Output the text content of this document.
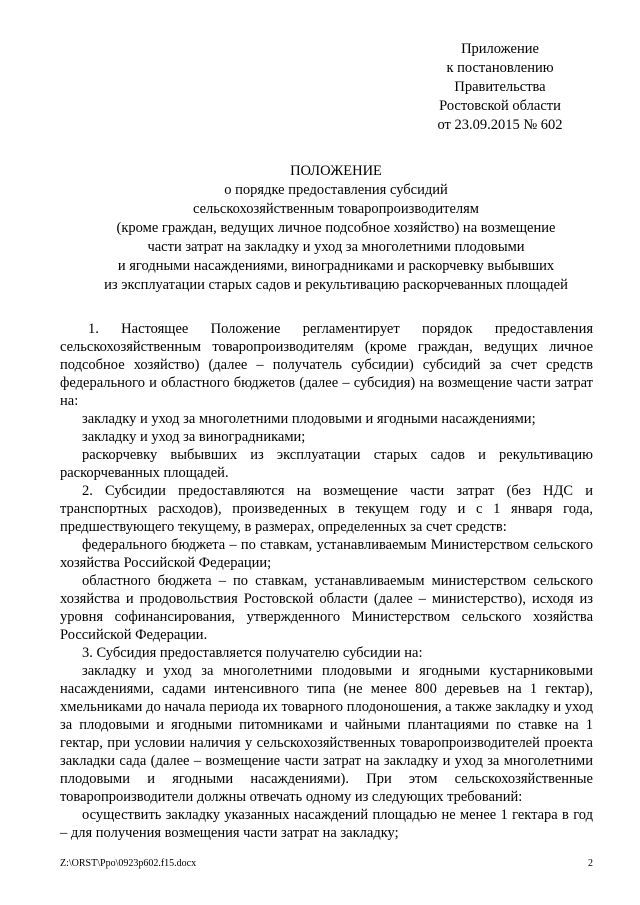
Приложение
к постановлению
Правительства
Ростовской области
от 23.09.2015 № 602
ПОЛОЖЕНИЕ
о порядке предоставления субсидий
сельскохозяйственным товаропроизводителям
(кроме граждан, ведущих личное подсобное хозяйство) на возмещение
части затрат на закладку и уход за многолетними плодовыми
и ягодными насаждениями, виноградниками и раскорчевку выбывших
из эксплуатации старых садов и рекультивацию раскорчеванных площадей

1. Настоящее Положение регламентирует порядок предоставления сельскохозяйственным товаропроизводителям (кроме граждан, ведущих личное подсобное хозяйство) (далее – получатель субсидии) субсидий за счет средств федерального и областного бюджетов (далее – субсидия) на возмещение части затрат на:

закладку и уход за многолетними плодовыми и ягодными насаждениями;

закладку и уход за виноградниками;

раскорчевку выбывших из эксплуатации старых садов и рекультивацию раскорчеванных площадей.

2. Субсидии предоставляются на возмещение части затрат (без НДС и транспортных расходов), произведенных в текущем году и с 1 января года, предшествующего текущему, в размерах, определенных за счет средств:

федерального бюджета – по ставкам, устанавливаемым Министерством сельского хозяйства Российской Федерации;

областного бюджета – по ставкам, устанавливаемым министерством сельского хозяйства и продовольствия Ростовской области (далее – министерство), исходя из уровня софинансирования, утвержденного Министерством сельского хозяйства Российской Федерации.

3. Субсидия предоставляется получателю субсидии на:

закладку и уход за многолетними плодовыми и ягодными кустарниковыми насаждениями, садами интенсивного типа (не менее 800 деревьев на 1 гектар), хмельниками до начала периода их товарного плодоношения, а также закладку и уход за плодовыми и ягодными питомниками и чайными плантациями по ставке на 1 гектар, при условии наличия у сельскохозяйственных товаропроизводителей проекта закладки сада (далее – возмещение части затрат на закладку и уход за многолетними плодовыми и ягодными насаждениями). При этом сельскохозяйственные товаропроизводители должны отвечать одному из следующих требований:

осуществить закладку указанных насаждений площадью не менее 1 гектара в год – для получения возмещения части затрат на закладку;

Z:\ORST\Ppo\0923p602.f15.docx	2
